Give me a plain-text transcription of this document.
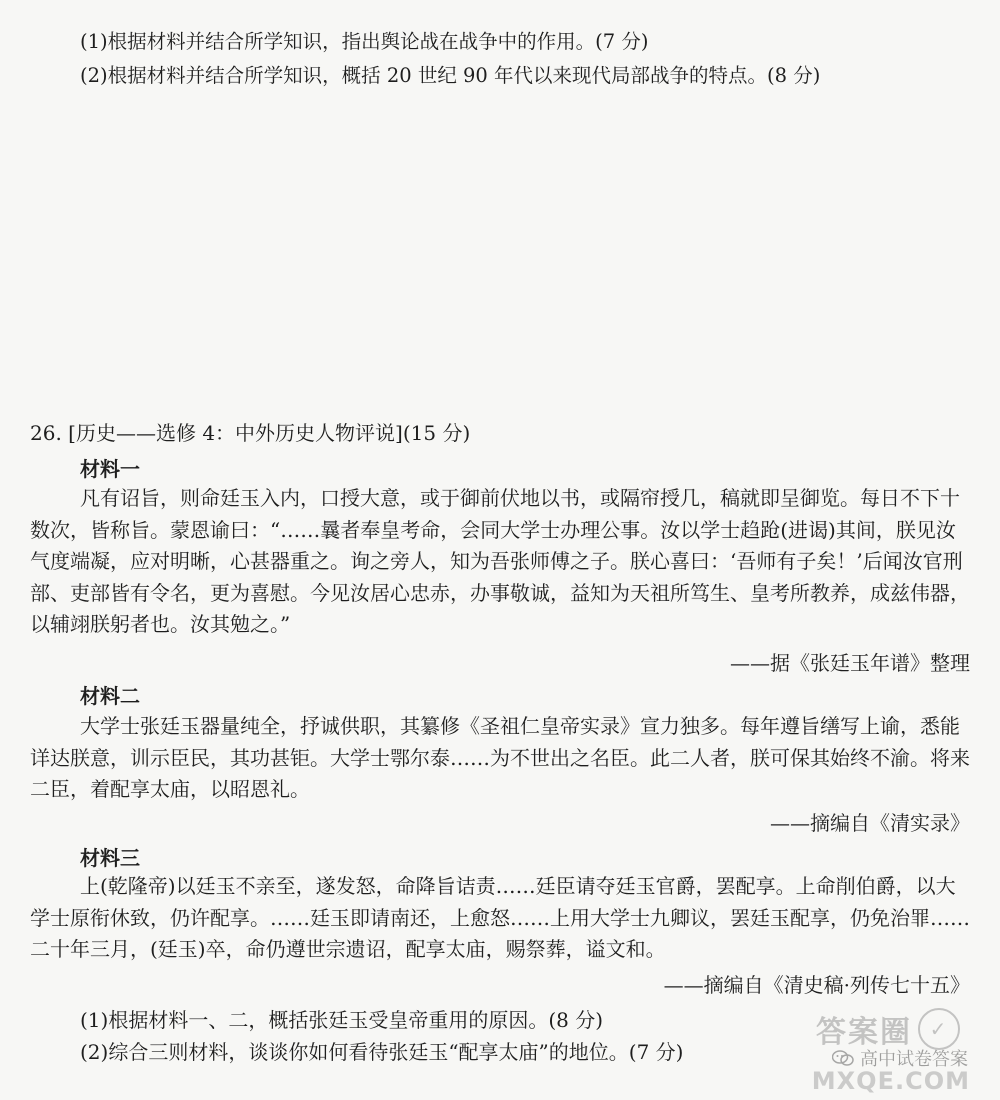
(1)根据材料并结合所学知识，指出舆论战在战争中的作用。(7 分)
(2)根据材料并结合所学知识，概括 20 世纪 90 年代以来现代局部战争的特点。(8 分)
26. [历史——选修 4：中外历史人物评说](15 分)
材料一
凡有诏旨，则命廷玉入内，口授大意，或于御前伏地以书，或隔帘授几，稿就即呈御览。每日不下十数次，皆称旨。蒙恩谕曰：“……曩者奉皇考命，会同大学士办理公事。汝以学士趋跄(进谒)其间，朕见汝气度端凝，应对明晰，心甚器重之。询之旁人，知为吾张师傅之子。朕心喜曰：‘吾师有子矣！’后闻汝官刑部、吏部皆有令名，更为喜慰。今见汝居心忠赤，办事敬诚，益知为天祖所笃生、皇考所教养，成兹伟器，以辅翊朕躬者也。汝其勉之。”
——据《张廷玉年谱》整理
材料二
大学士张廷玉器量纯全，抒诚供职，其纂修《圣祖仁皇帝实录》宣力独多。每年遵旨缮写上谕，悉能详达朕意，训示臣民，其功甚钜。大学士鄂尔泰……为不世出之名臣。此二人者，朕可保其始终不渝。将来二臣，着配享太庙，以昭恩礼。
——摘编自《清实录》
材料三
上(乾隆帝)以廷玉不亲至，遂发怒，命降旨诘责……廷臣请夺廷玉官爵，罢配享。上命削伯爵，以大学士原衔休致，仍许配享。……廷玉即请南还，上愈怒……上用大学士九卿议，罢廷玉配享，仍免治罪……二十年三月，(廷玉)卒，命仍遵世宗遗诏，配享太庙，赐祭葬，谥文和。
——摘编自《清史稿·列传七十五》
(1)根据材料一、二，概括张廷玉受皇帝重用的原因。(8 分)
(2)综合三则材料，谈谈你如何看待张廷玉“配享太庙”的地位。(7 分)
答案圈 ✓
高中试卷答案
MXQE.COM
